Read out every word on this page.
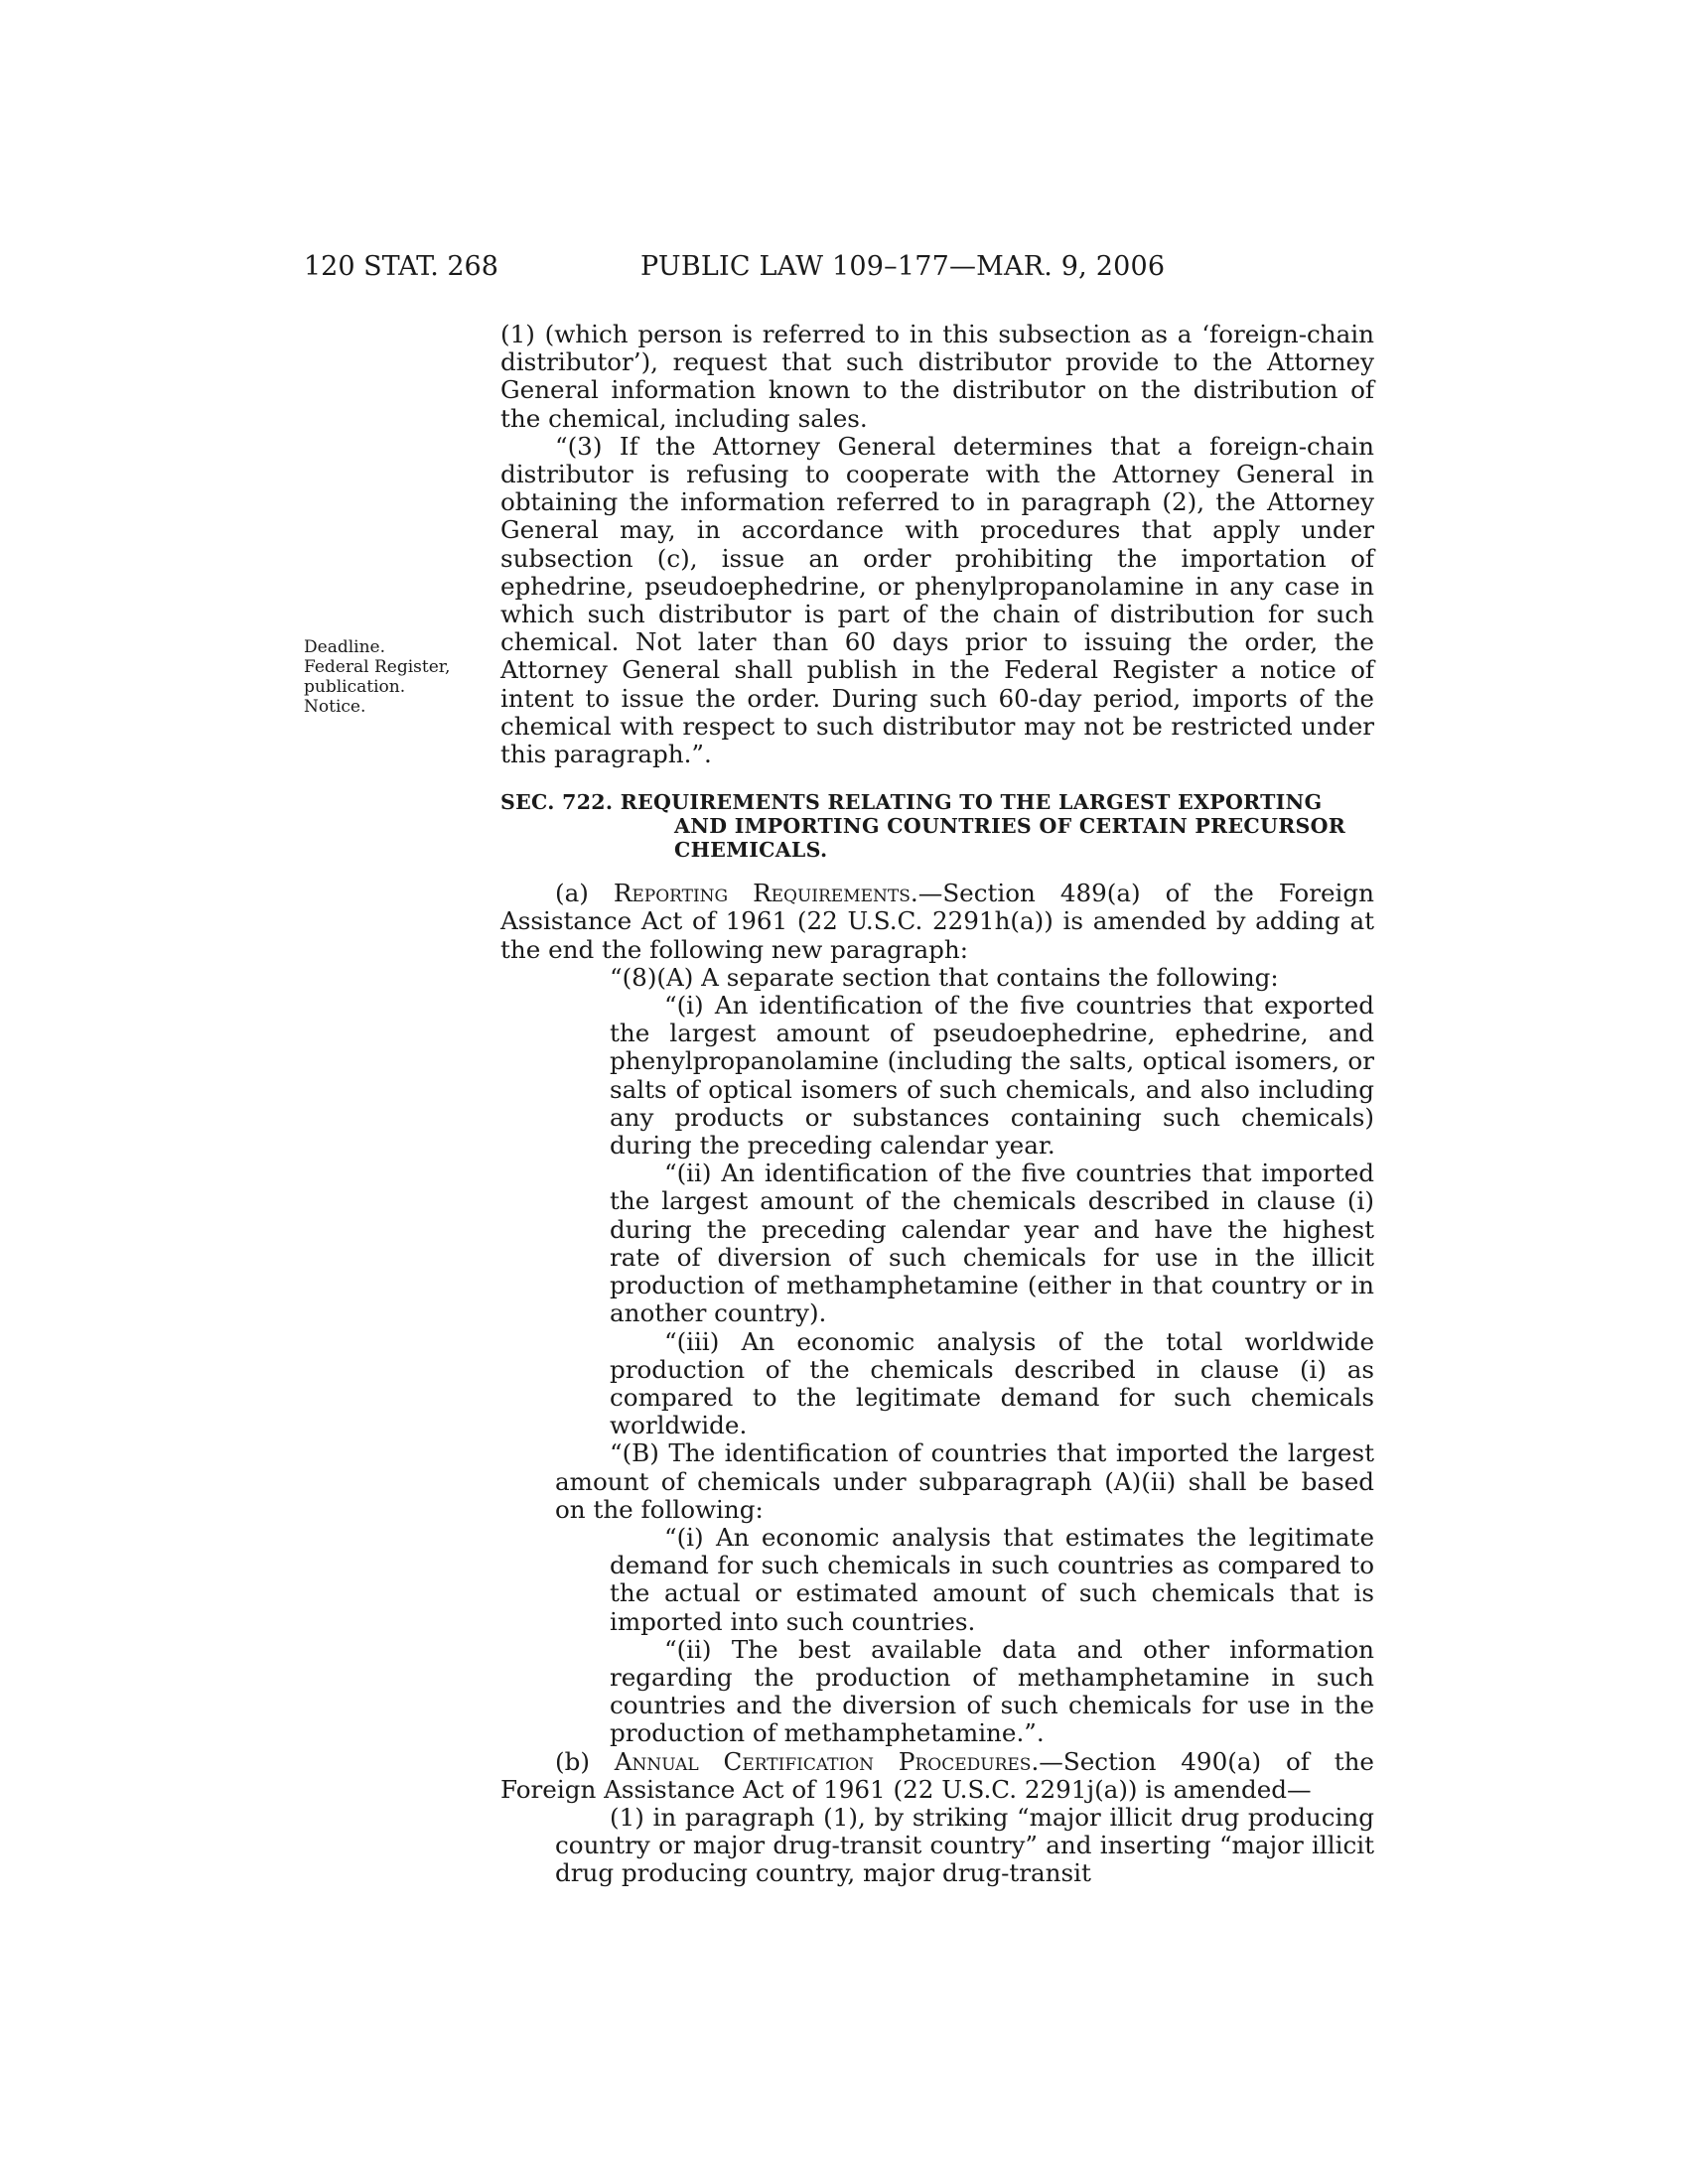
120 STAT. 268	PUBLIC LAW 109–177—MAR. 9, 2006
Deadline.
Federal Register,
publication.
Notice.

(1) (which person is referred to in this subsection as a ‘foreign-chain distributor’), request that such distributor provide to the Attorney General information known to the distributor on the distribution of the chemical, including sales.

“(3) If the Attorney General determines that a foreign-chain distributor is refusing to cooperate with the Attorney General in obtaining the information referred to in paragraph (2), the Attorney General may, in accordance with procedures that apply under subsection (c), issue an order prohibiting the importation of ephedrine, pseudoephedrine, or phenylpropanolamine in any case in which such distributor is part of the chain of distribution for such chemical. Not later than 60 days prior to issuing the order, the Attorney General shall publish in the Federal Register a notice of intent to issue the order. During such 60-day period, imports of the chemical with respect to such distributor may not be restricted under this paragraph.”.

SEC. 722. REQUIREMENTS RELATING TO THE LARGEST EXPORTING AND IMPORTING COUNTRIES OF CERTAIN PRECURSOR CHEMICALS.

(a) Reporting Requirements.—Section 489(a) of the Foreign Assistance Act of 1961 (22 U.S.C. 2291h(a)) is amended by adding at the end the following new paragraph:

“(8)(A) A separate section that contains the following:

“(i) An identification of the five countries that exported the largest amount of pseudoephedrine, ephedrine, and phenylpropanolamine (including the salts, optical isomers, or salts of optical isomers of such chemicals, and also including any products or substances containing such chemicals) during the preceding calendar year.

“(ii) An identification of the five countries that imported the largest amount of the chemicals described in clause (i) during the preceding calendar year and have the highest rate of diversion of such chemicals for use in the illicit production of methamphetamine (either in that country or in another country).

“(iii) An economic analysis of the total worldwide production of the chemicals described in clause (i) as compared to the legitimate demand for such chemicals worldwide.

“(B) The identification of countries that imported the largest amount of chemicals under subparagraph (A)(ii) shall be based on the following:

“(i) An economic analysis that estimates the legitimate demand for such chemicals in such countries as compared to the actual or estimated amount of such chemicals that is imported into such countries.

“(ii) The best available data and other information regarding the production of methamphetamine in such countries and the diversion of such chemicals for use in the production of methamphetamine.”.

(b) Annual Certification Procedures.—Section 490(a) of the Foreign Assistance Act of 1961 (22 U.S.C. 2291j(a)) is amended—

(1) in paragraph (1), by striking “major illicit drug producing country or major drug-transit country” and inserting “major illicit drug producing country, major drug-transit
